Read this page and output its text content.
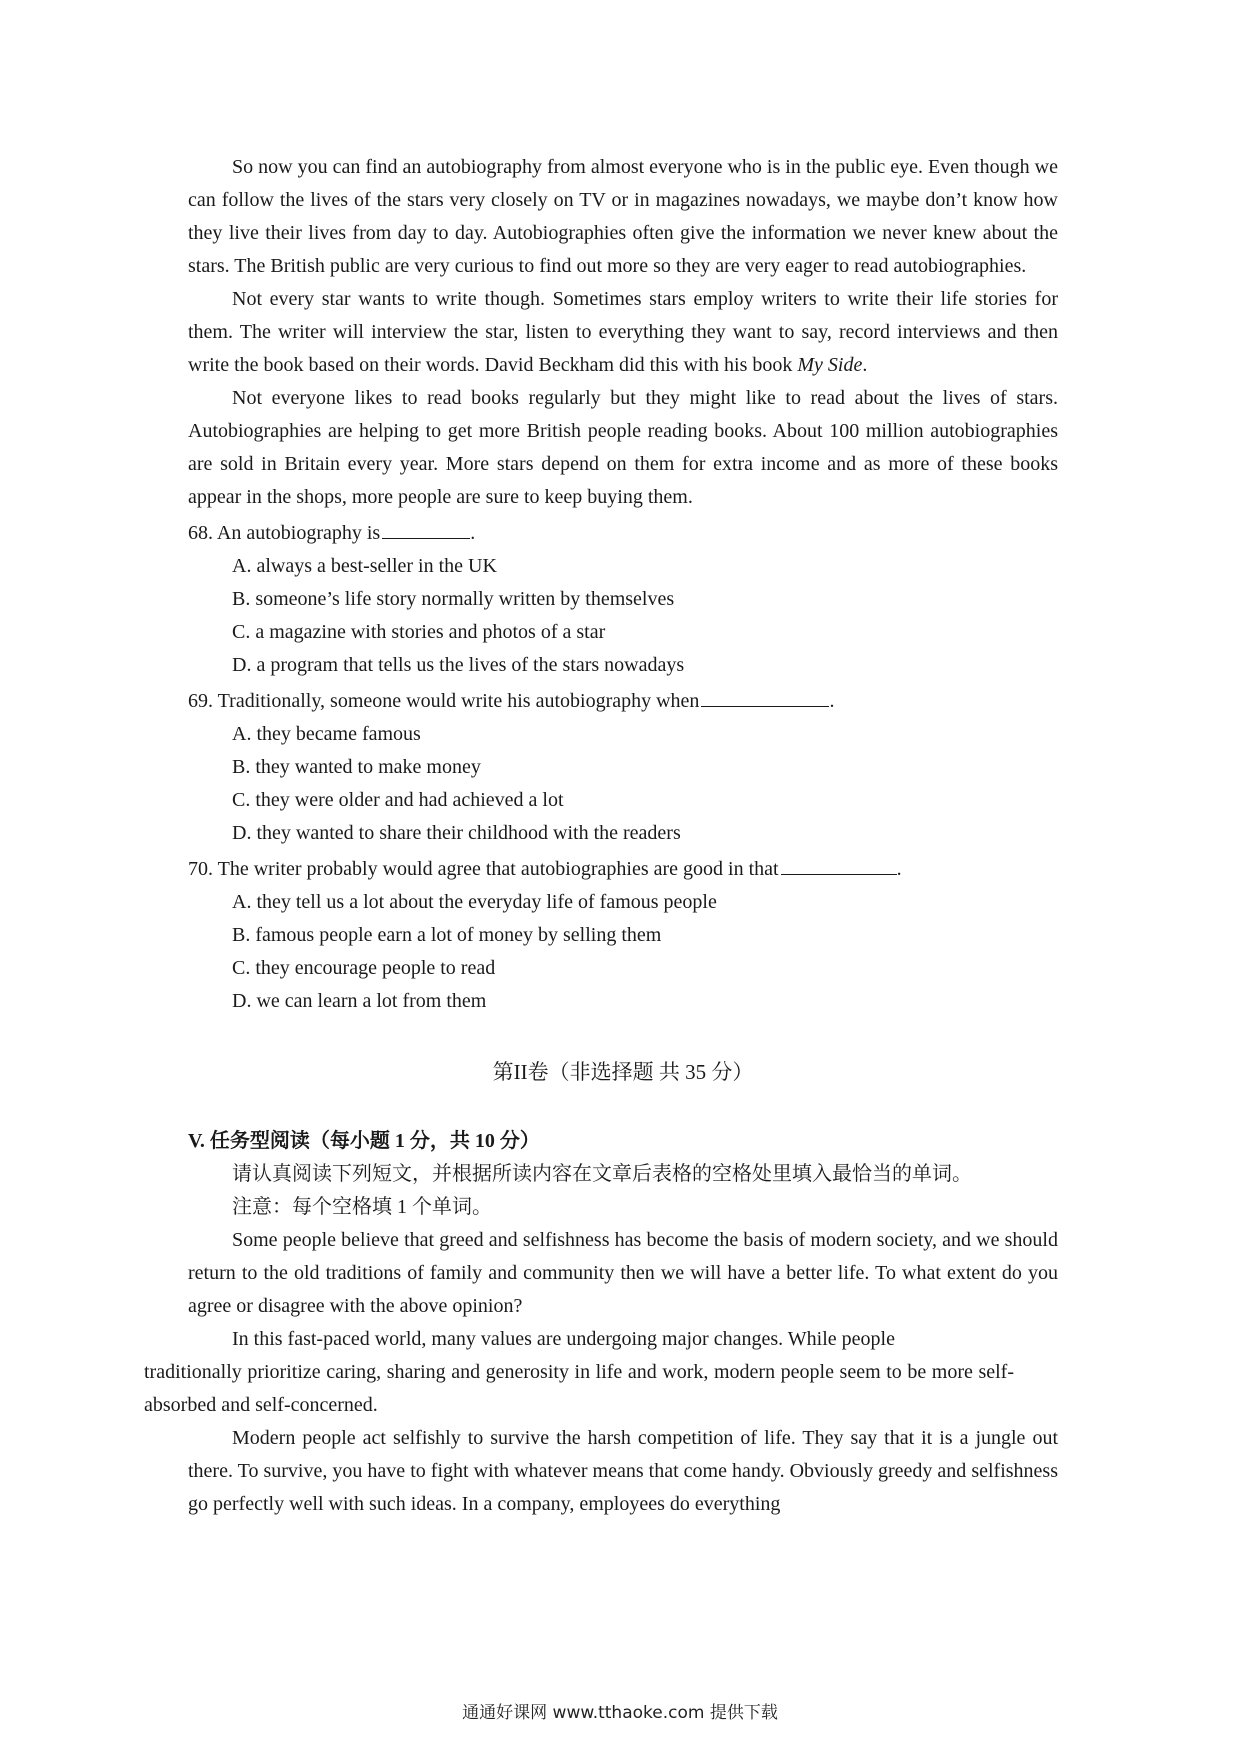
So now you can find an autobiography from almost everyone who is in the public eye. Even though we can follow the lives of the stars very closely on TV or in magazines nowadays, we maybe don’t know how they live their lives from day to day. Autobiographies often give the information we never knew about the stars. The British public are very curious to find out more so they are very eager to read autobiographies.

Not every star wants to write though. Sometimes stars employ writers to write their life stories for them. The writer will interview the star, listen to everything they want to say, record interviews and then write the book based on their words. David Beckham did this with his book My Side.

Not everyone likes to read books regularly but they might like to read about the lives of stars. Autobiographies are helping to get more British people reading books. About 100 million autobiographies are sold in Britain every year. More stars depend on them for extra income and as more of these books appear in the shops, more people are sure to keep buying them.

68. An autobiography is	.

A. always a best-seller in the UK

B. someone’s life story normally written by themselves

C. a magazine with stories and photos of a star

D. a program that tells us the lives of the stars nowadays

69. Traditionally, someone would write his autobiography when	.

A. they became famous

B. they wanted to make money

C. they were older and had achieved a lot

D. they wanted to share their childhood with the readers

70. The writer probably would agree that autobiographies are good in that	.

A. they tell us a lot about the everyday life of famous people

B. famous people earn a lot of money by selling them

C. they encourage people to read

D. we can learn a lot from them

第II卷（非选择题 共 35 分）

V. 任务型阅读（每小题 1 分，共 10 分）

请认真阅读下列短文，并根据所读内容在文章后表格的空格处里填入最恰当的单词。

注意：每个空格填 1 个单词。

Some people believe that greed and selfishness has become the basis of modern society, and we should return to the old traditions of family and community then we will have a better life. To what extent do you agree or disagree with the above opinion?

In this fast-paced world, many values are undergoing major changes. While people
traditionally prioritize caring, sharing and generosity in life and work, modern people seem to be more self-absorbed and self-concerned.

Modern people act selfishly to survive the harsh competition of life. They say that it is a jungle out there. To survive, you have to fight with whatever means that come handy. Obviously greedy and selfishness go perfectly well with such ideas. In a company, employees do everything

通通好课网 www.tthaoke.com 提供下载
